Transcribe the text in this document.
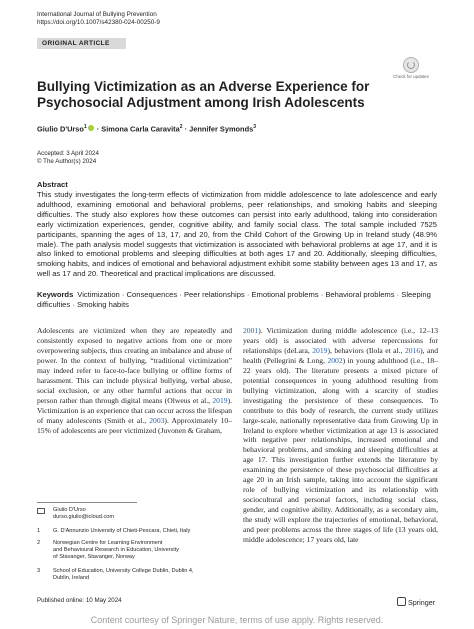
International Journal of Bullying Prevention
https://doi.org/10.1007/s42380-024-00250-9
ORIGINAL ARTICLE
Check for updates
Bullying Victimization as an Adverse Experience for Psychosocial Adjustment among Irish Adolescents
Giulio D'Urso$^1$ · Simona Carla Caravita$^2$ · Jennifer Symonds$^3$
Accepted: 3 April 2024
© The Author(s) 2024
Abstract
This study investigates the long-term effects of victimization from middle adolescence to late adolescence and early adulthood, examining emotional and behavioral problems, peer relationships, and smoking habits and sleeping difficulties. The study also explores how these outcomes can persist into early adulthood, taking into consideration early victimization experiences, gender, cognitive ability, and family social class. The total sample included 7525 participants, spanning the ages of 13, 17, and 20, from the Child Cohort of the Growing Up in Ireland study (48.9% male). The path analysis model suggests that victimization is associated with behavioral problems at age 17, and it is also linked to emotional problems and sleeping difficulties at both ages 17 and 20. Additionally, sleeping difficulties, smoking habits, and indices of emotional and behavioral adjustment exhibit some stability between ages 13 and 17, as well as 17 and 20. Theoretical and practical implications are discussed.
Keywords Victimization · Consequences · Peer relationships · Emotional problems · Behavioral problems · Sleeping difficulties · Smoking habits

Adolescents are victimized when they are repeatedly and consistently exposed to negative actions from one or more overpowering subjects, thus creating an imbalance and abuse of power. In the context of bullying, “traditional victimization” may indeed refer to face-to-face bullying or offline forms of harassment. This can include physical bullying, verbal abuse, social exclusion, or any other harmful actions that occur in person rather than through digital means (Olweus et al., 2019). Victimization is an experience that can occur across the lifespan of many adolescents (Smith et al., 2003). Approximately 10–15% of adolescents are peer victimized (Juvonen & Graham,

2001). Victimization during middle adolescence (i.e., 12–13 years old) is associated with adverse repercussions for relationships (deLara, 2019), behaviors (Ilola et al., 2016), and health (Pellegrini & Long, 2002) in young adulthood (i.e., 18–22 years old). The literature presents a mixed picture of potential consequences in young adulthood resulting from bullying victimization, along with a scarcity of studies investigating the persistence of these consequences. To contribute to this body of research, the current study utilizes large-scale, nationally representative data from Growing Up in Ireland to explore whether victimization at age 13 is associated with negative peer relationships, increased emotional and behavioral problems, and smoking and sleeping difficulties at age 17. This investigation further extends the literature by examining the persistence of these psychosocial difficulties at age 20 in an Irish sample, taking into account the significant role of bullying victimization and its relationship with sociocultural and personal factors, including social class, gender, and cognitive ability. Additionally, as a secondary aim, the study will explore the trajectories of emotional, behavioral, and peer problems across the three stages of life (13 years old, middle adolescence; 17 years old, late

Giulio D'Urso
durso.giulio@icloud.com
1	G. D'Annunzio University of Chieti-Pescara, Chieti, Italy
2	Norwegian Centre for Learning Environment
and Behavioural Research in Education, University
of Stavanger, Stavanger, Norway
3	School of Education, University College Dublin, Dublin 4,
Dublin, Ireland
Published online: 10 May 2024	Springer
Content courtesy of Springer Nature, terms of use apply. Rights reserved.
